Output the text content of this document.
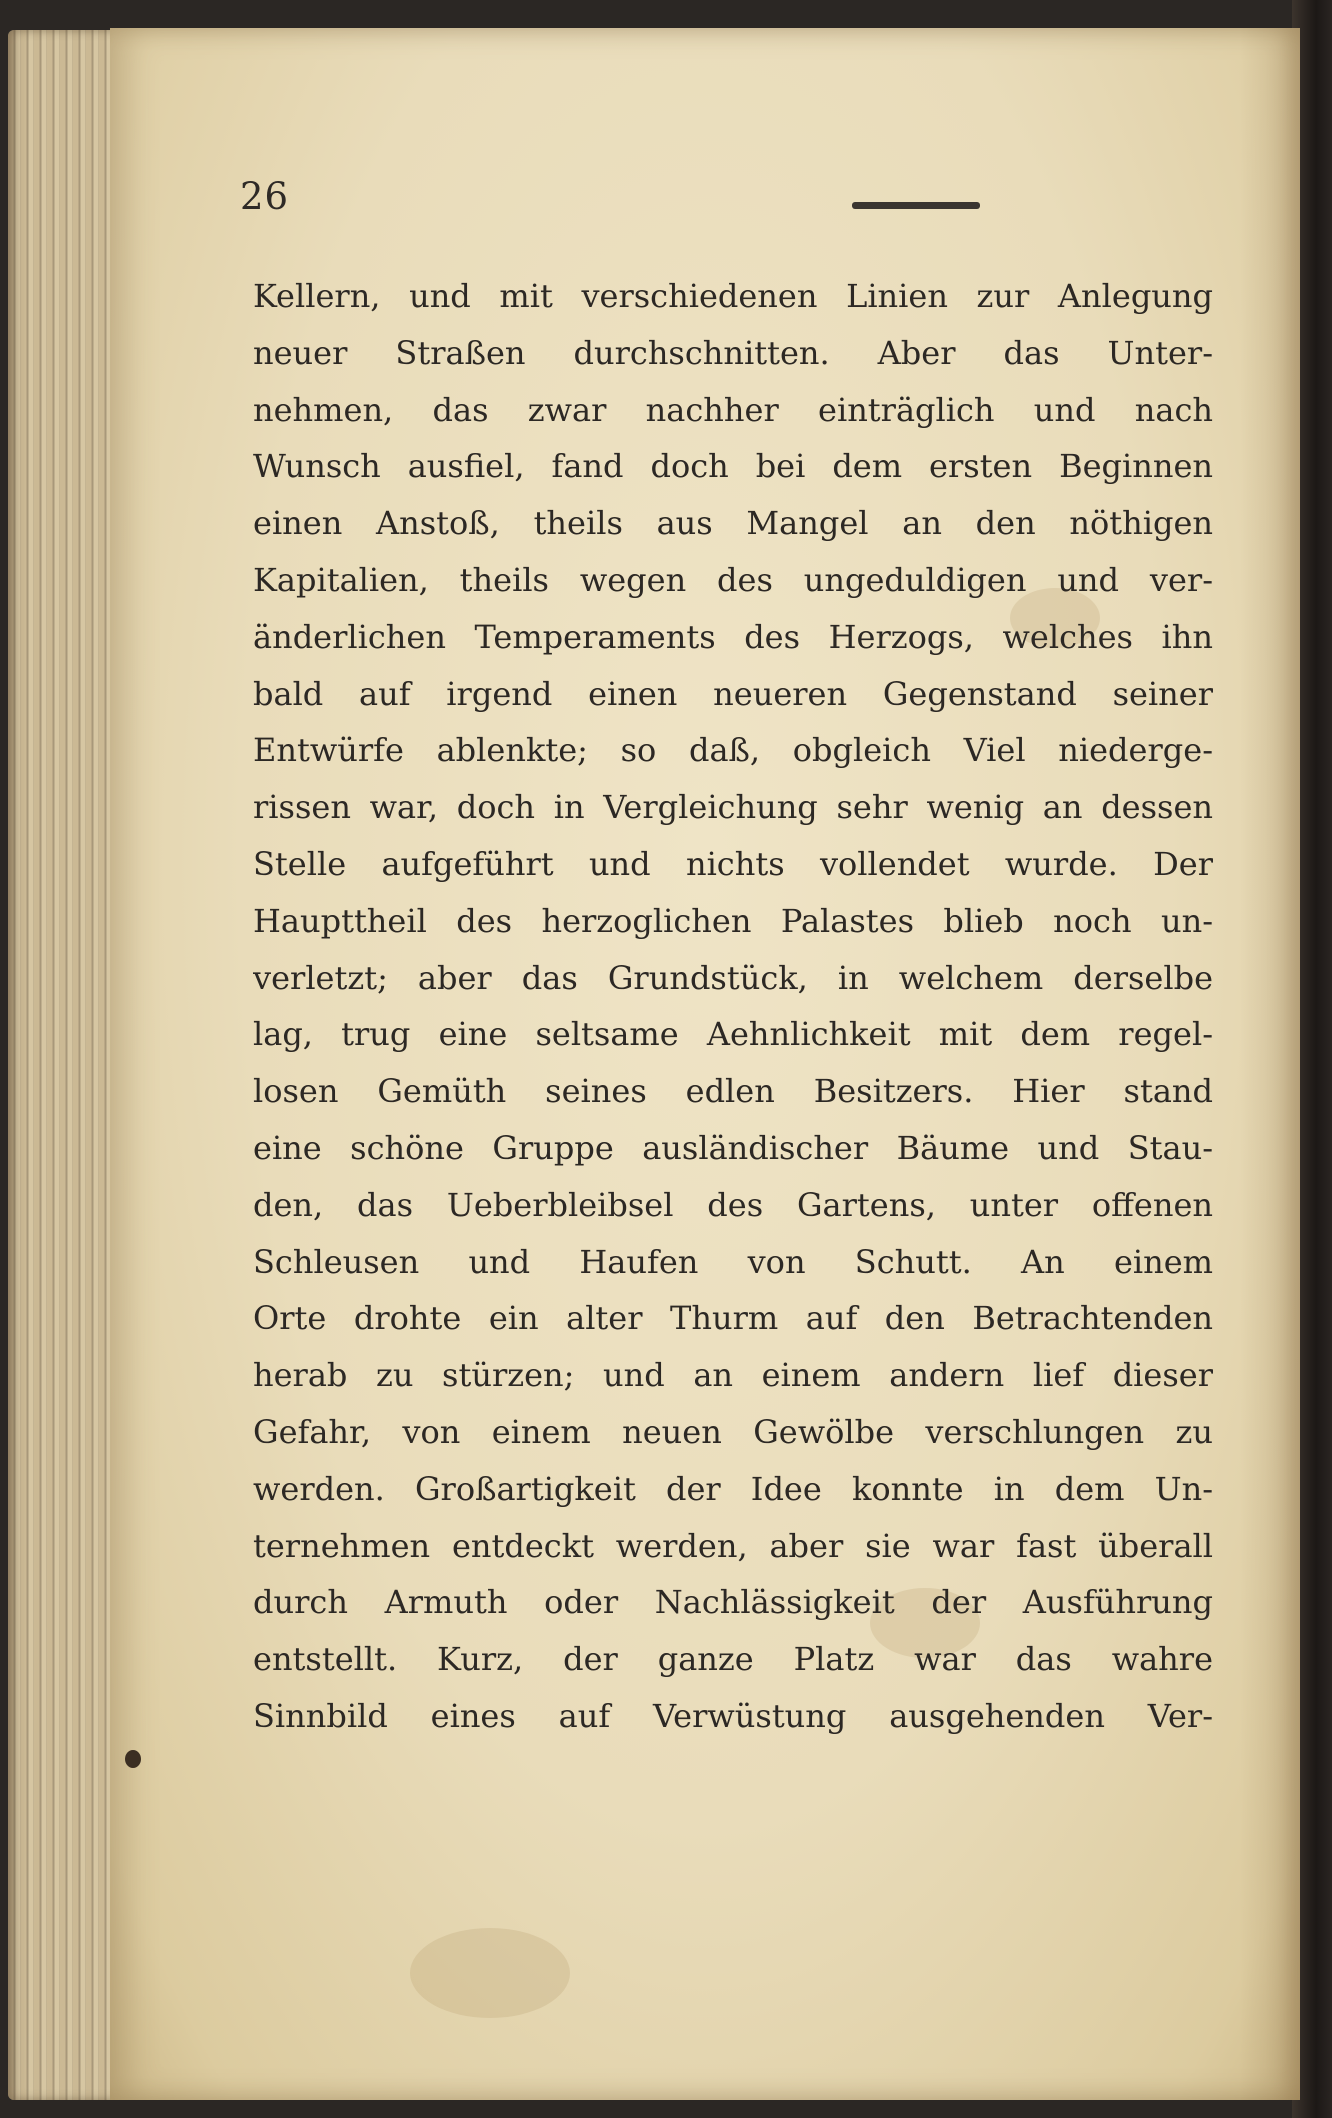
26
Kellern, und mit verschiedenen Linien zur Anlegung
neuer Straßen durchschnitten. Aber das Unter-
nehmen, das zwar nachher einträglich und nach
Wunsch ausfiel, fand doch bei dem ersten Beginnen
einen Anstoß, theils aus Mangel an den nöthigen
Kapitalien, theils wegen des ungeduldigen und ver-
änderlichen Temperaments des Herzogs, welches ihn
bald auf irgend einen neueren Gegenstand seiner
Entwürfe ablenkte; so daß, obgleich Viel niederge-
rissen war, doch in Vergleichung sehr wenig an dessen
Stelle aufgeführt und nichts vollendet wurde. Der
Haupttheil des herzoglichen Palastes blieb noch un-
verletzt; aber das Grundstück, in welchem derselbe
lag, trug eine seltsame Aehnlichkeit mit dem regel-
losen Gemüth seines edlen Besitzers. Hier stand
eine schöne Gruppe ausländischer Bäume und Stau-
den, das Ueberbleibsel des Gartens, unter offenen
Schleusen und Haufen von Schutt. An einem
Orte drohte ein alter Thurm auf den Betrachtenden
herab zu stürzen; und an einem andern lief dieser
Gefahr, von einem neuen Gewölbe verschlungen zu
werden. Großartigkeit der Idee konnte in dem Un-
ternehmen entdeckt werden, aber sie war fast überall
durch Armuth oder Nachlässigkeit der Ausführung
entstellt. Kurz, der ganze Platz war das wahre
Sinnbild eines auf Verwüstung ausgehenden Ver-
